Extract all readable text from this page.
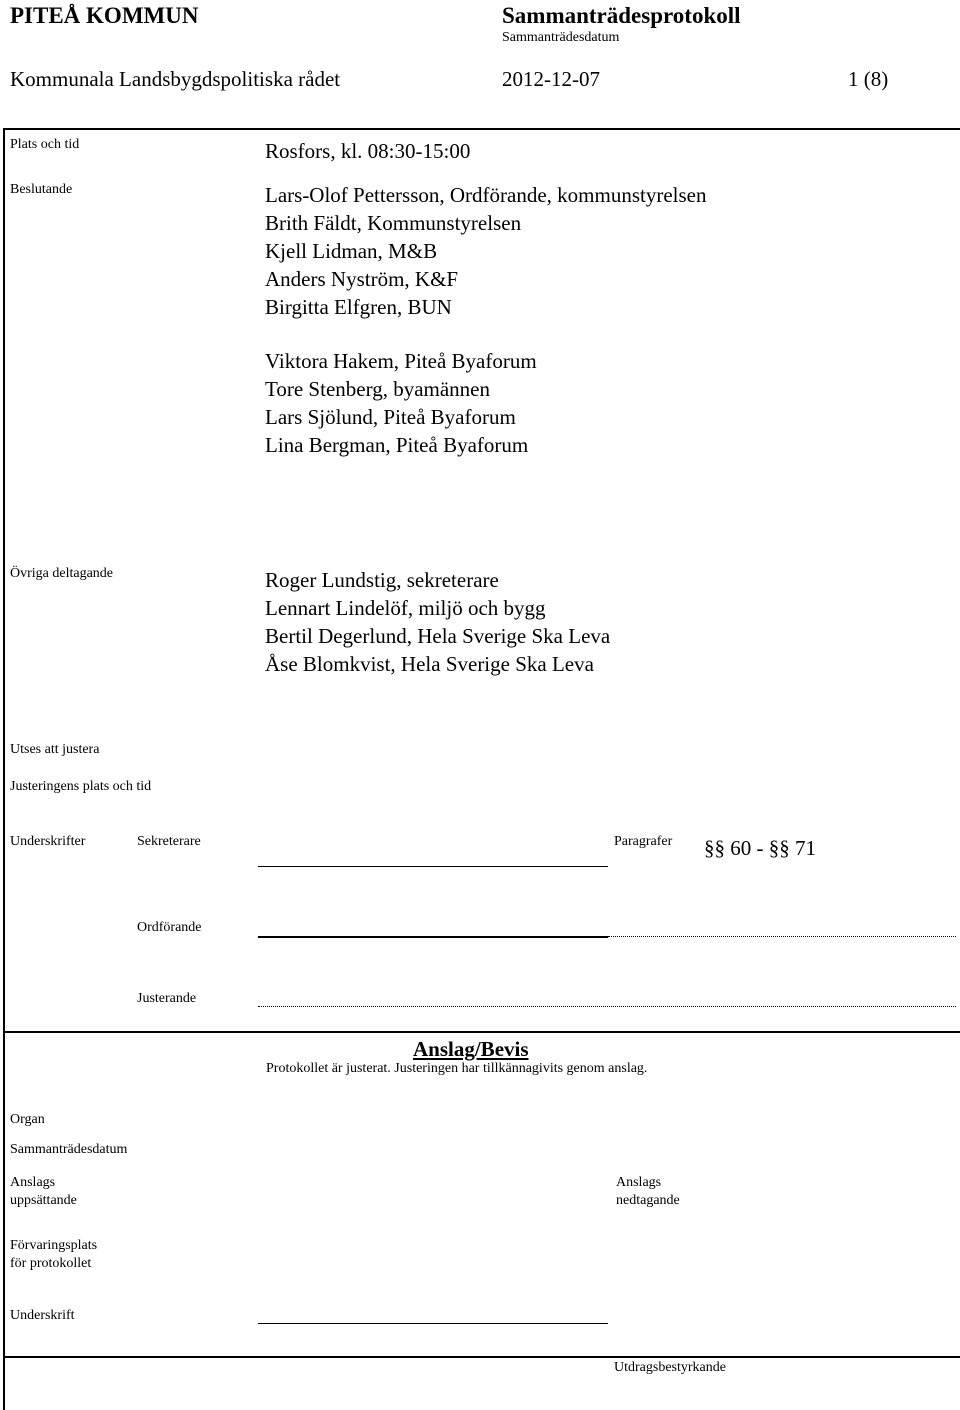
PITEÅ KOMMUN	Sammanträdesprotokoll
Sammanträdesdatum
Kommunala Landsbygdspolitiska rådet	2012-12-07	1 (8)
Plats och tid	Rosfors, kl. 08:30-15:00
Beslutande	Lars-Olof Pettersson, Ordförande, kommunstyrelsen
Brith Fäldt, Kommunstyrelsen
Kjell Lidman, M&B
Anders Nyström, K&F
Birgitta Elfgren, BUN
Viktora Hakem, Piteå Byaforum
Tore Stenberg, byamännen
Lars Sjölund, Piteå Byaforum
Lina Bergman, Piteå Byaforum
Övriga deltagande	Roger Lundstig, sekreterare
Lennart Lindelöf, miljö och bygg
Bertil Degerlund, Hela Sverige Ska Leva
Åse Blomkvist, Hela Sverige Ska Leva
Utses att justera
Justeringens plats och tid
Underskrifter	Sekreterare	Paragrafer §§ 60 - §§ 71
Ordförande
Justerande
Anslag/Bevis
Protokollet är justerat. Justeringen har tillkännagivits genom anslag.
Organ
Sammanträdesdatum
Anslags
uppsättande
Anslags
nedtagande
Förvaringsplats
för protokollet
Underskrift
Utdragsbestyrkande
